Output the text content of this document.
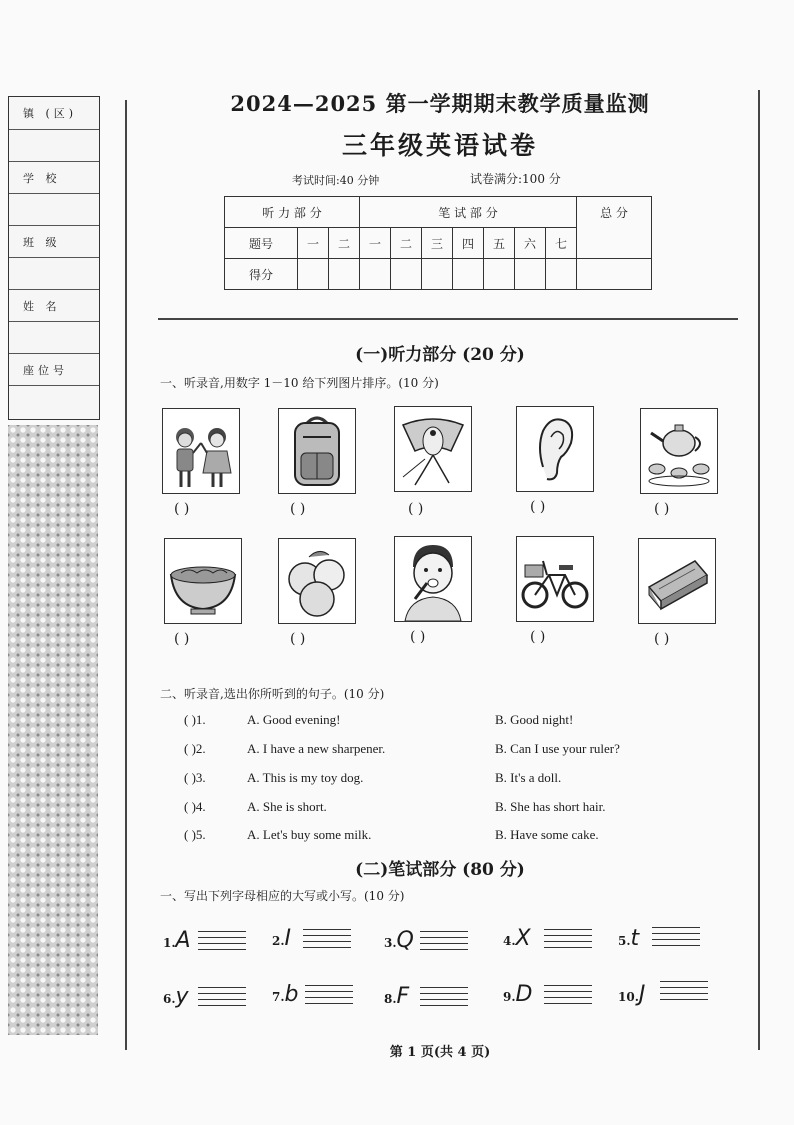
镇 (区)
学 校
班 级
姓 名
座位号
2024—2025 第一学期期末教学质量监测
三年级英语试卷
考试时间:40 分钟	试卷满分:100 分
听 力 部 分			笔 试 部 分							总 分
题号	一	二	一	二	三	四	五	六	七	
得分										
(一)听力部分 (20 分)
一、听录音,用数字 1－10 给下列图片排序。(10 分)
( )	( )	( )	( )	( )
( )	( )	( )	( )	( )
二、听录音,选出你所听到的句子。(10 分)
( )1.	A. Good evening!	B. Good night!
( )2.	A. I have a new sharpener.	B. Can I use your ruler?
( )3.	A. This is my toy dog.	B. It's a doll.
( )4.	A. She is short.	B. She has short hair.
( )5.	A. Let's buy some milk.	B. Have some cake.
(二)笔试部分 (80 分)
一、写出下列字母相应的大写或小写。(10 分)
1.A	2.I	3.Q	4.X	5.t
6.y	7.b	8.F	9.D	10.J
第 1 页(共 4 页)
